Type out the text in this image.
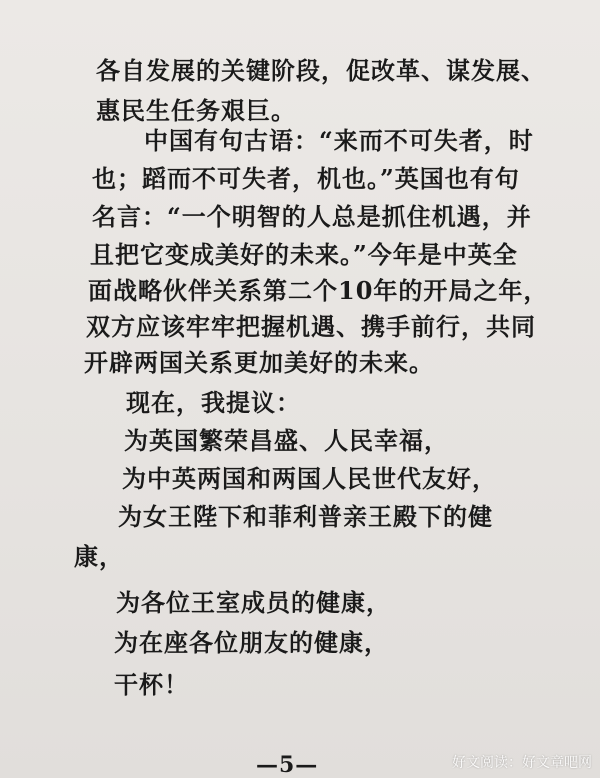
各自发展的关键阶段，促改革、谋发展、
惠民生任务艰巨。
中国有句古语：“来而不可失者，时
也；蹈而不可失者，机也。”英国也有句
名言：“一个明智的人总是抓住机遇，并
且把它变成美好的未来。”今年是中英全
面战略伙伴关系第二个10年的开局之年，
双方应该牢牢把握机遇、携手前行，共同
开辟两国关系更加美好的未来。
现在，我提议：
为英国繁荣昌盛、人民幸福，
为中英两国和两国人民世代友好，
为女王陛下和菲利普亲王殿下的健
康，
为各位王室成员的健康，
为在座各位朋友的健康，
干杯！
—5—	好文阅读：好文章吧网
